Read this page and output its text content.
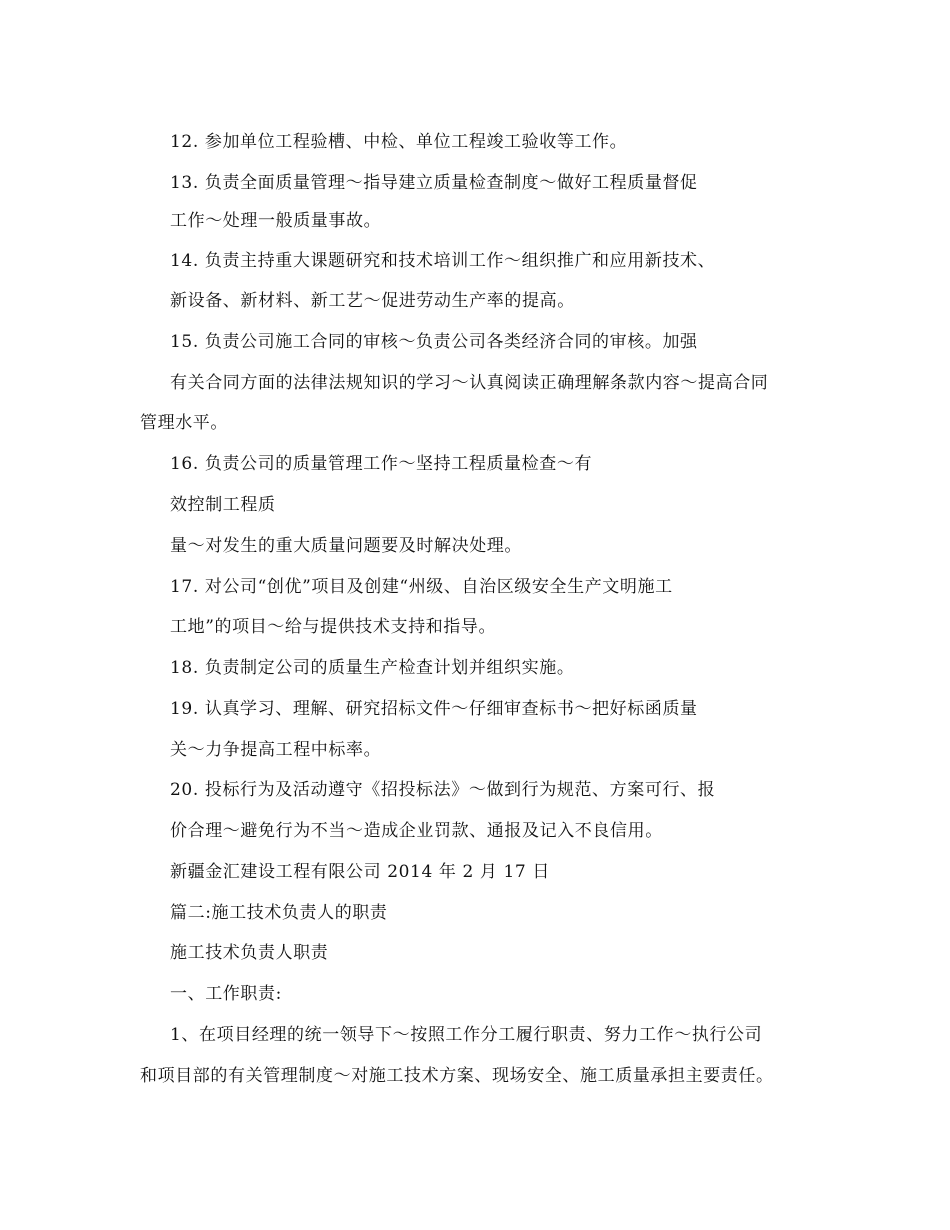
12. 参加单位工程验槽、中检、单位工程竣工验收等工作。
13. 负责全面质量管理～指导建立质量检查制度～做好工程质量督促
工作～处理一般质量事故。
14. 负责主持重大课题研究和技术培训工作～组织推广和应用新技术、
新设备、新材料、新工艺～促进劳动生产率的提高。
15. 负责公司施工合同的审核～负责公司各类经济合同的审核。加强
有关合同方面的法律法规知识的学习～认真阅读正确理解条款内容～提高合同
管理水平。
16. 负责公司的质量管理工作～坚持工程质量检查～有
效控制工程质
量～对发生的重大质量问题要及时解决处理。
17. 对公司“创优”项目及创建“州级、自治区级安全生产文明施工
工地”的项目～给与提供技术支持和指导。
18. 负责制定公司的质量生产检查计划并组织实施。
19. 认真学习、理解、研究招标文件～仔细审查标书～把好标函质量
关～力争提高工程中标率。
20. 投标行为及活动遵守《招投标法》～做到行为规范、方案可行、报
价合理～避免行为不当～造成企业罚款、通报及记入不良信用。
新疆金汇建设工程有限公司 2014 年 2 月 17 日
篇二:施工技术负责人的职责
施工技术负责人职责
一、工作职责:
1、在项目经理的统一领导下～按照工作分工履行职责、努力工作～执行公司
和项目部的有关管理制度～对施工技术方案、现场安全、施工质量承担主要责任。
